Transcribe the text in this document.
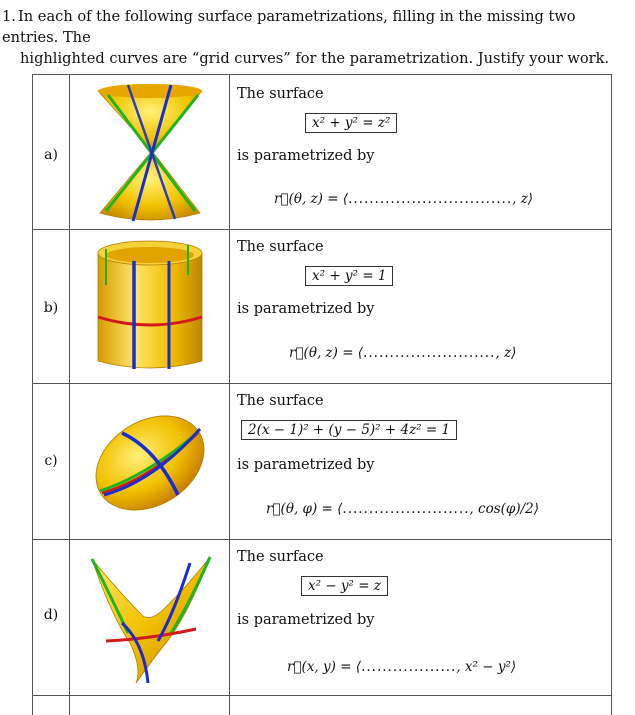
1. In each of the following surface parametrizations, filling in the missing two entries. The
highlighted curves are “grid curves” for the parametrization. Justify your work.
a)
The surface
x² + y² = z²
is parametrized by
r⃗(θ, z) = ⟨..............................., z⟩
b)
The surface
x² + y² = 1
is parametrized by
r⃗(θ, z) = ⟨........................., z⟩
c)
The surface
2(x − 1)² + (y − 5)² + 4z² = 1
is parametrized by
r⃗(θ, φ) = ⟨........................, cos(φ)/2⟩
d)
The surface
x² − y² = z
is parametrized by
r⃗(x, y) = ⟨.................., x² − y²⟩
